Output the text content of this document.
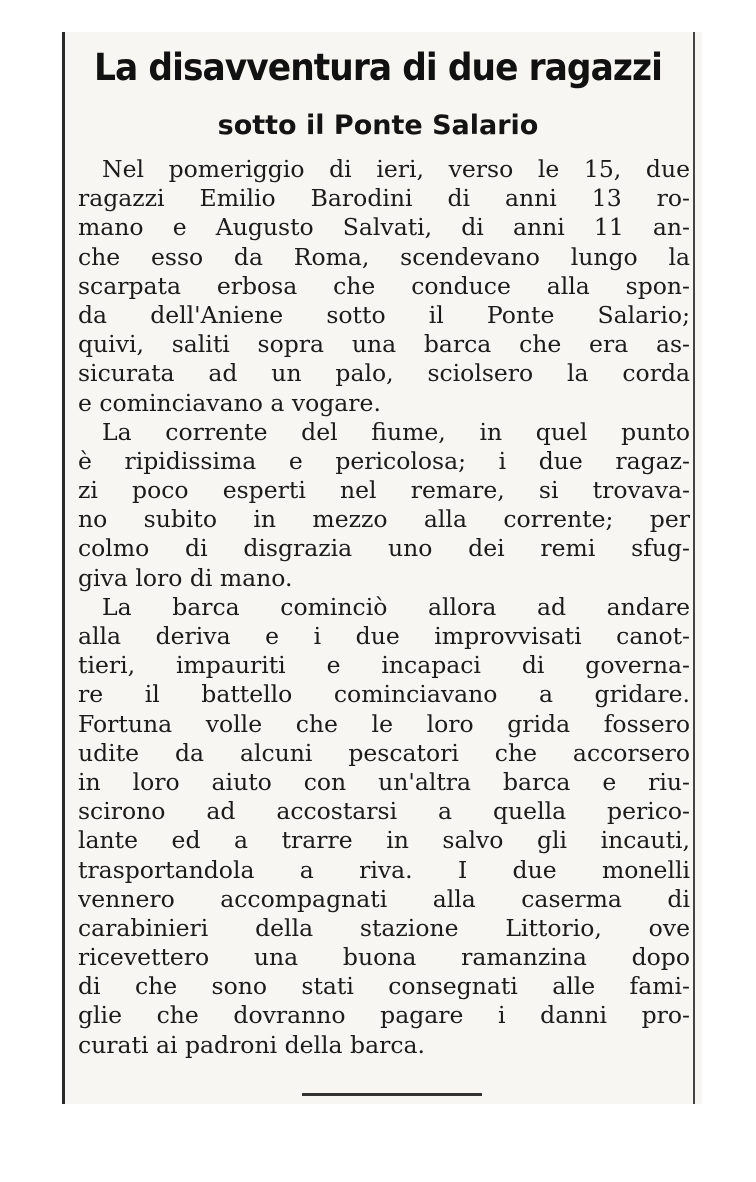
La disavventura di due ragazzi
sotto il Ponte Salario
Nel pomeriggio di ieri, verso le 15, due
ragazzi Emilio Barodini di anni 13 ro-
mano e Augusto Salvati, di anni 11 an-
che esso da Roma, scendevano lungo la
scarpata erbosa che conduce alla spon-
da dell'Aniene sotto il Ponte Salario;
quivi, saliti sopra una barca che era as-
sicurata ad un palo, sciolsero la corda
e cominciavano a vogare.
La corrente del fiume, in quel punto
è ripidissima e pericolosa; i due ragaz-
zi poco esperti nel remare, si trovava-
no subito in mezzo alla corrente; per
colmo di disgrazia uno dei remi sfug-
giva loro di mano.
La barca cominciò allora ad andare
alla deriva e i due improvvisati canot-
tieri, impauriti e incapaci di governa-
re il battello cominciavano a gridare.
Fortuna volle che le loro grida fossero
udite da alcuni pescatori che accorsero
in loro aiuto con un'altra barca e riu-
scirono ad accostarsi a quella perico-
lante ed a trarre in salvo gli incauti,
trasportandola a riva. I due monelli
vennero accompagnati alla caserma di
carabinieri della stazione Littorio, ove
ricevettero una buona ramanzina dopo
di che sono stati consegnati alle fami-
glie che dovranno pagare i danni pro-
curati ai padroni della barca.
